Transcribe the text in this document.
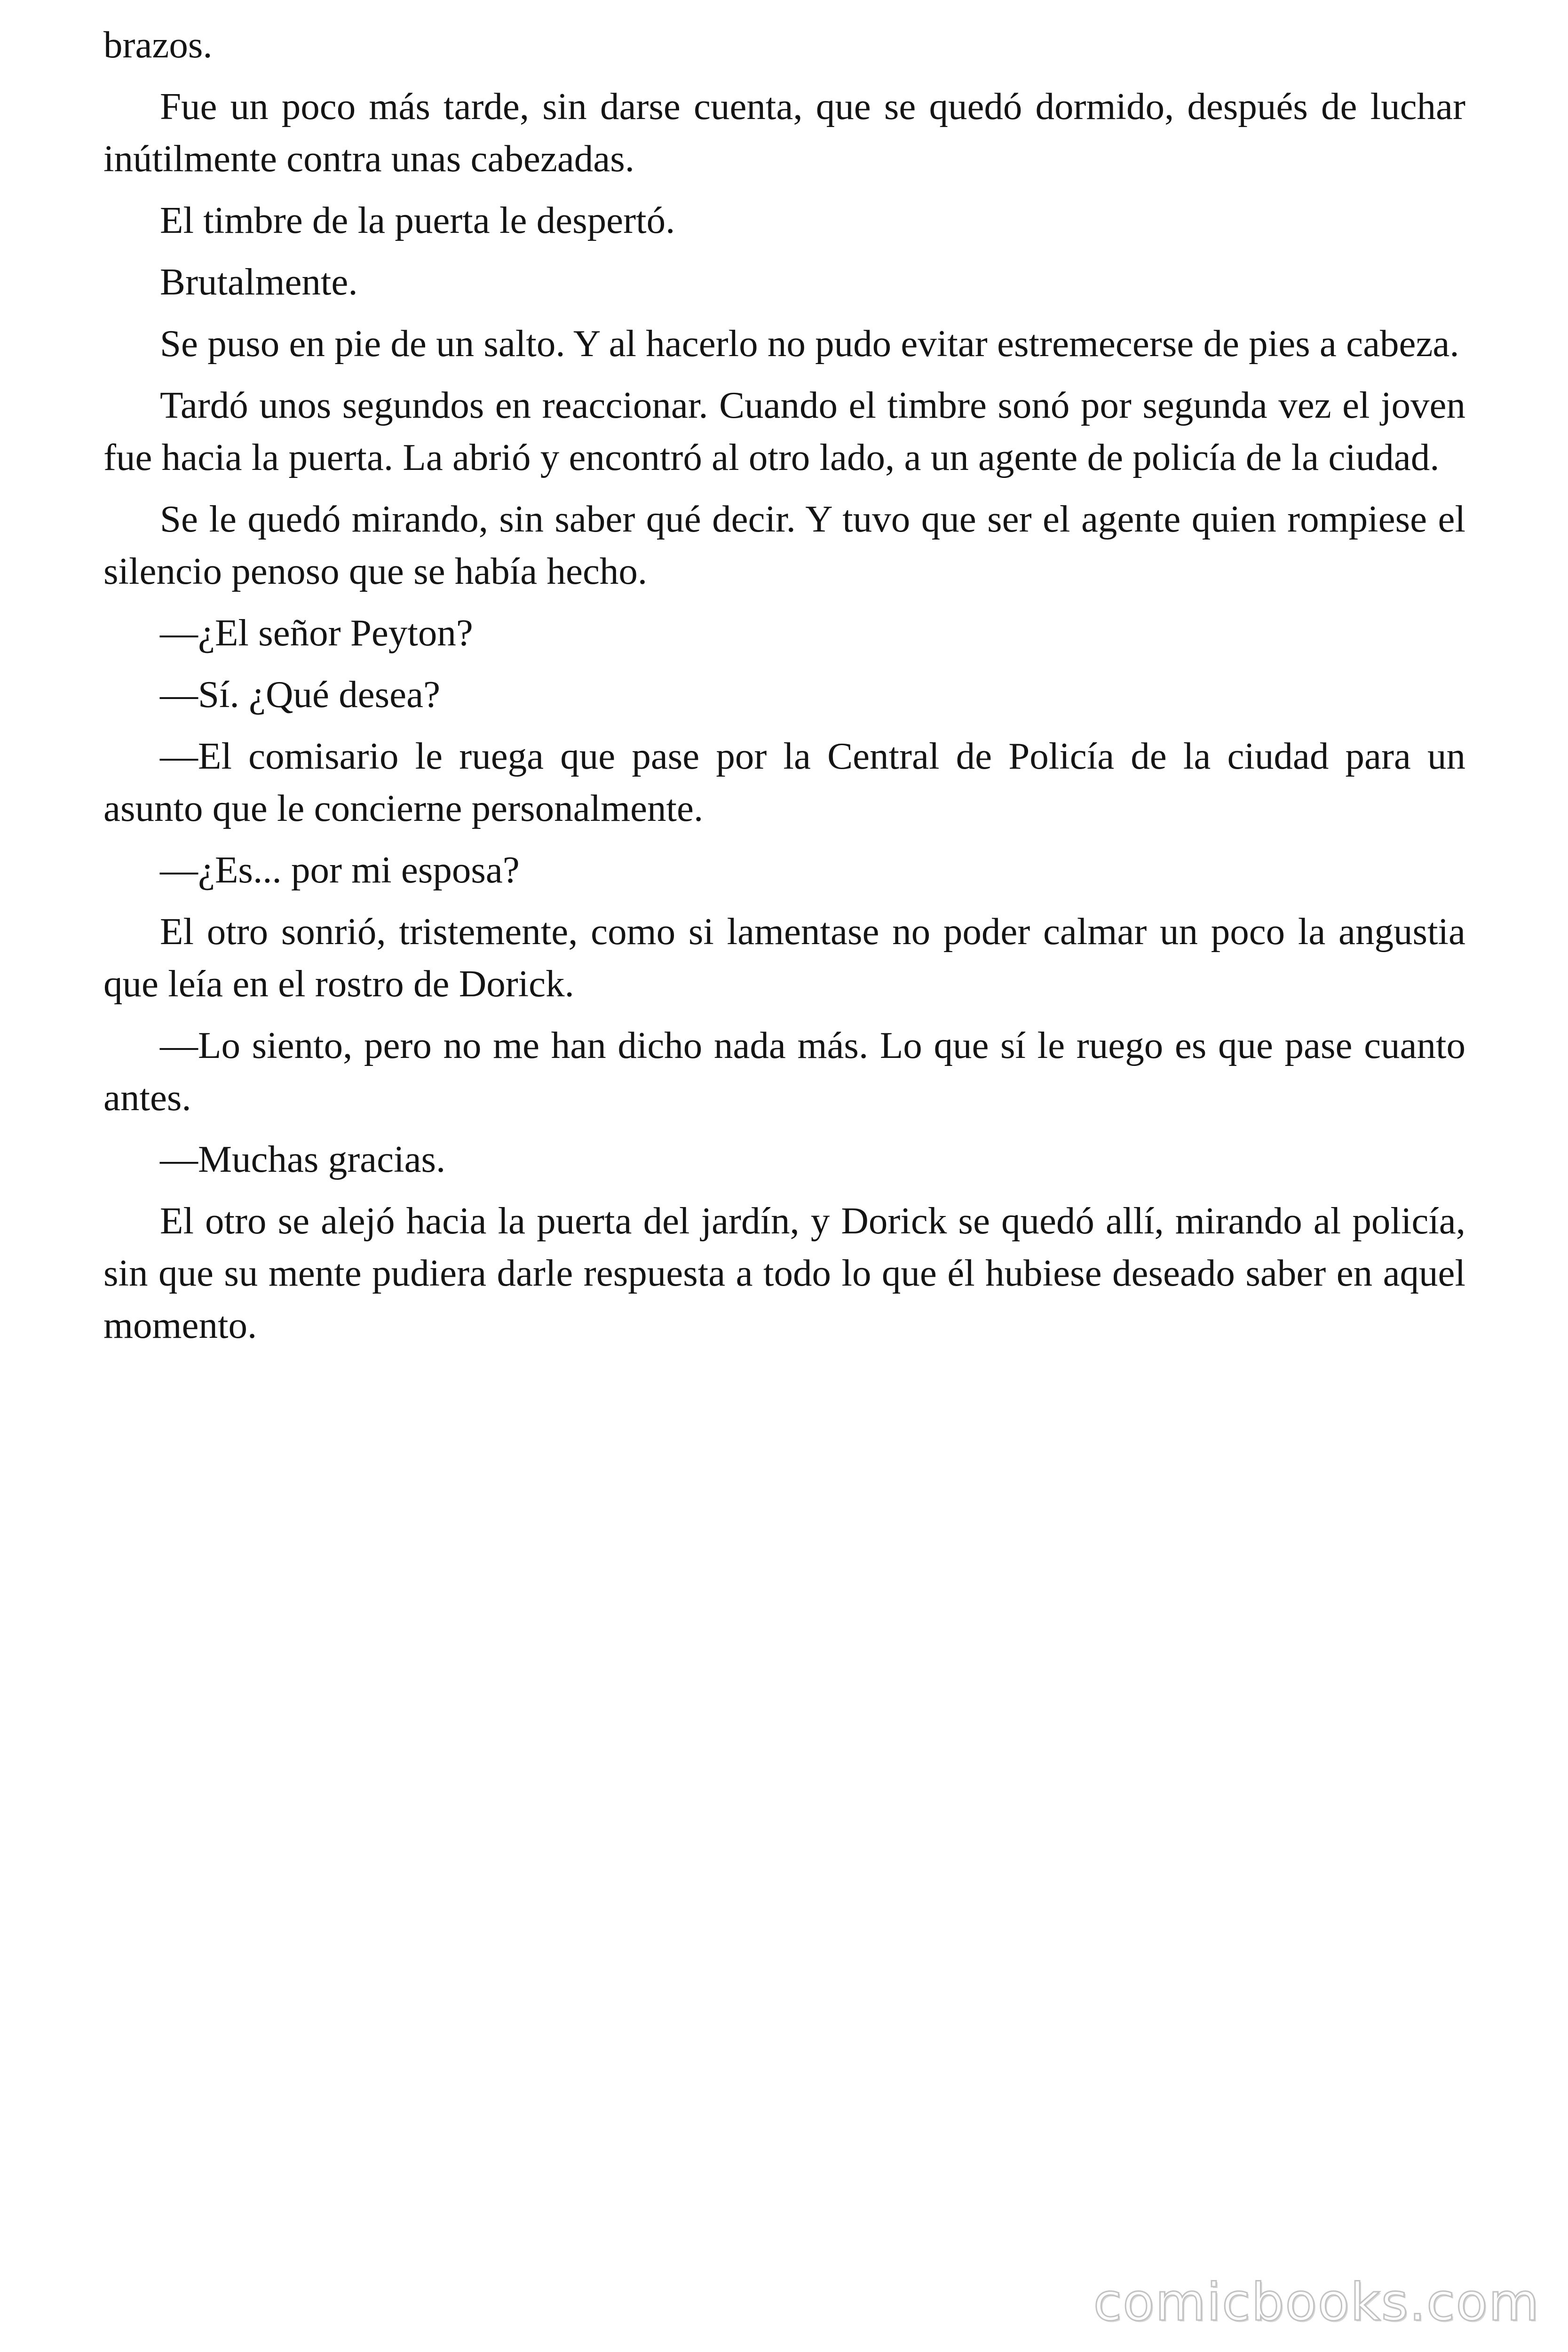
brazos.

Fue un poco más tarde, sin darse cuenta, que se quedó dormido, después de luchar inútilmente contra unas cabezadas.

El timbre de la puerta le despertó.

Brutalmente.

Se puso en pie de un salto. Y al hacerlo no pudo evitar estremecerse de pies a cabeza.

Tardó unos segundos en reaccionar. Cuando el timbre sonó por segunda vez el joven fue hacia la puerta. La abrió y encontró al otro lado, a un agente de policía de la ciudad.

Se le quedó mirando, sin saber qué decir. Y tuvo que ser el agente quien rompiese el silencio penoso que se había hecho.

—¿El señor Peyton?

—Sí. ¿Qué desea?

—El comisario le ruega que pase por la Central de Policía de la ciudad para un asunto que le concierne personalmente.

—¿Es... por mi esposa?

El otro sonrió, tristemente, como si lamentase no poder calmar un poco la angustia que leía en el rostro de Dorick.

—Lo siento, pero no me han dicho nada más. Lo que sí le ruego es que pase cuanto antes.

—Muchas gracias.

El otro se alejó hacia la puerta del jardín, y Dorick se quedó allí, mirando al policía, sin que su mente pudiera darle respuesta a todo lo que él hubiese deseado saber en aquel momento.

comicbooks.com
